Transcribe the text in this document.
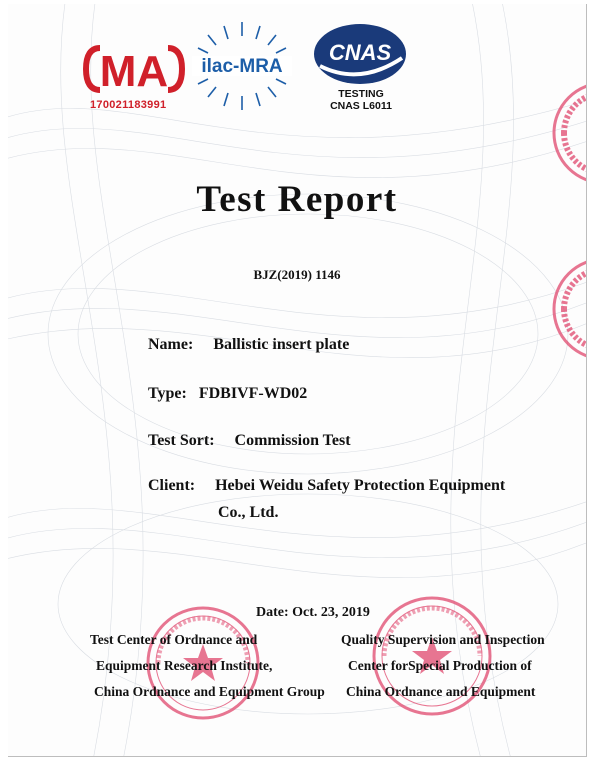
MA
170021183991
ilac-MRA
CNAS
TESTING
CNAS L6011
Test Report
BJZ(2019) 1146
Name: Ballistic insert plate
Type: FDBIVF-WD02
Test Sort: Commission Test
Client: Hebei Weidu Safety Protection Equipment
Co., Ltd.
Date: Oct. 23, 2019
Test Center of Ordnance and
Equipment Research Institute,
China Ordnance and Equipment Group
Quality Supervision and Inspection
Center forSpecial Production of
China Ordnance and Equipment
